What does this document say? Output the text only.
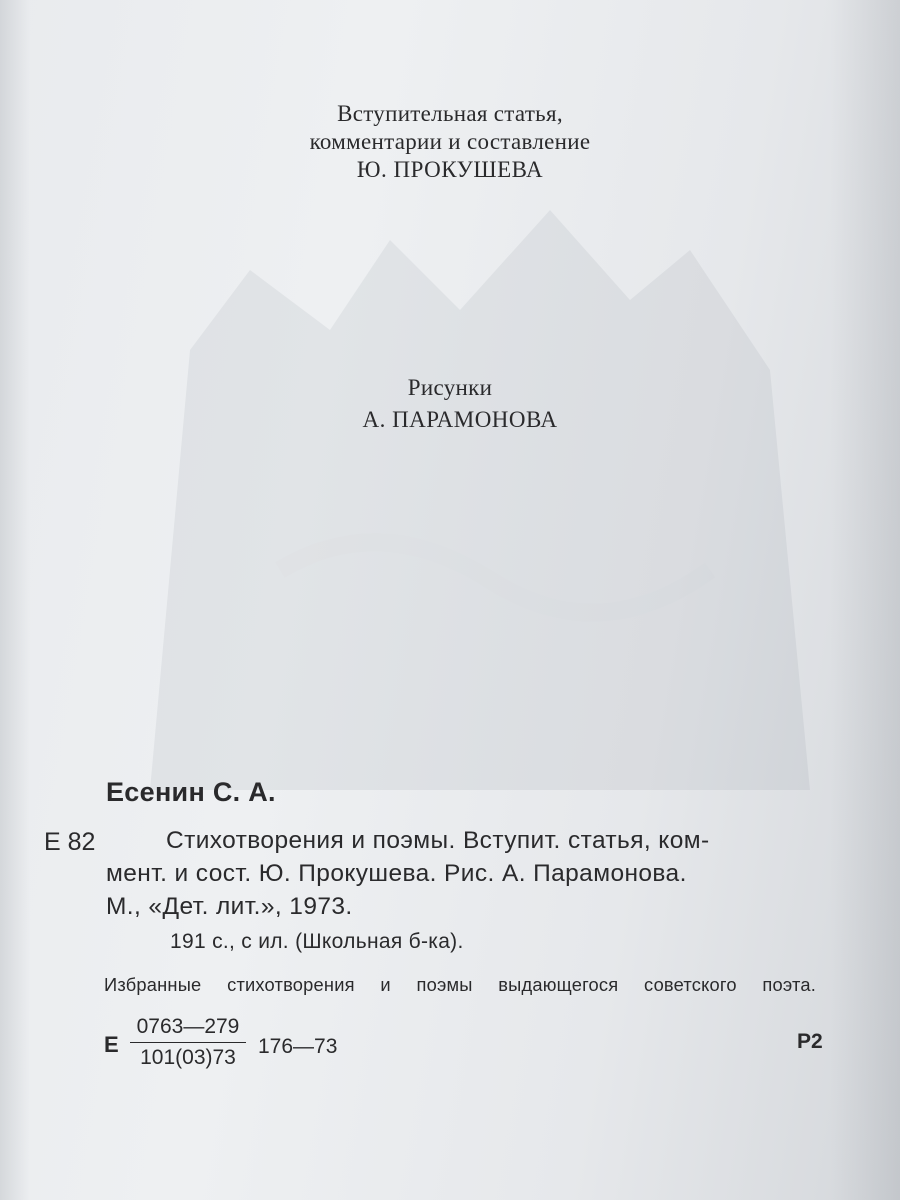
Вступительная статья,
комментарии и составление
Ю. ПРОКУШЕВА
Рисунки
А. ПАРАМОНОВА
Есенин С. А.
Е 82	Стихотворения и поэмы. Вступит. статья, ком-
мент. и сост. Ю. Прокушева. Рис. А. Парамонова.
М., «Дет. лит.», 1973.
191 с., с ил. (Школьная б-ка).
Избранные стихотворения и поэмы выдающегося советского поэта.
Е $\frac{0763—279}{101(03)73}$ 176—73	Р2
